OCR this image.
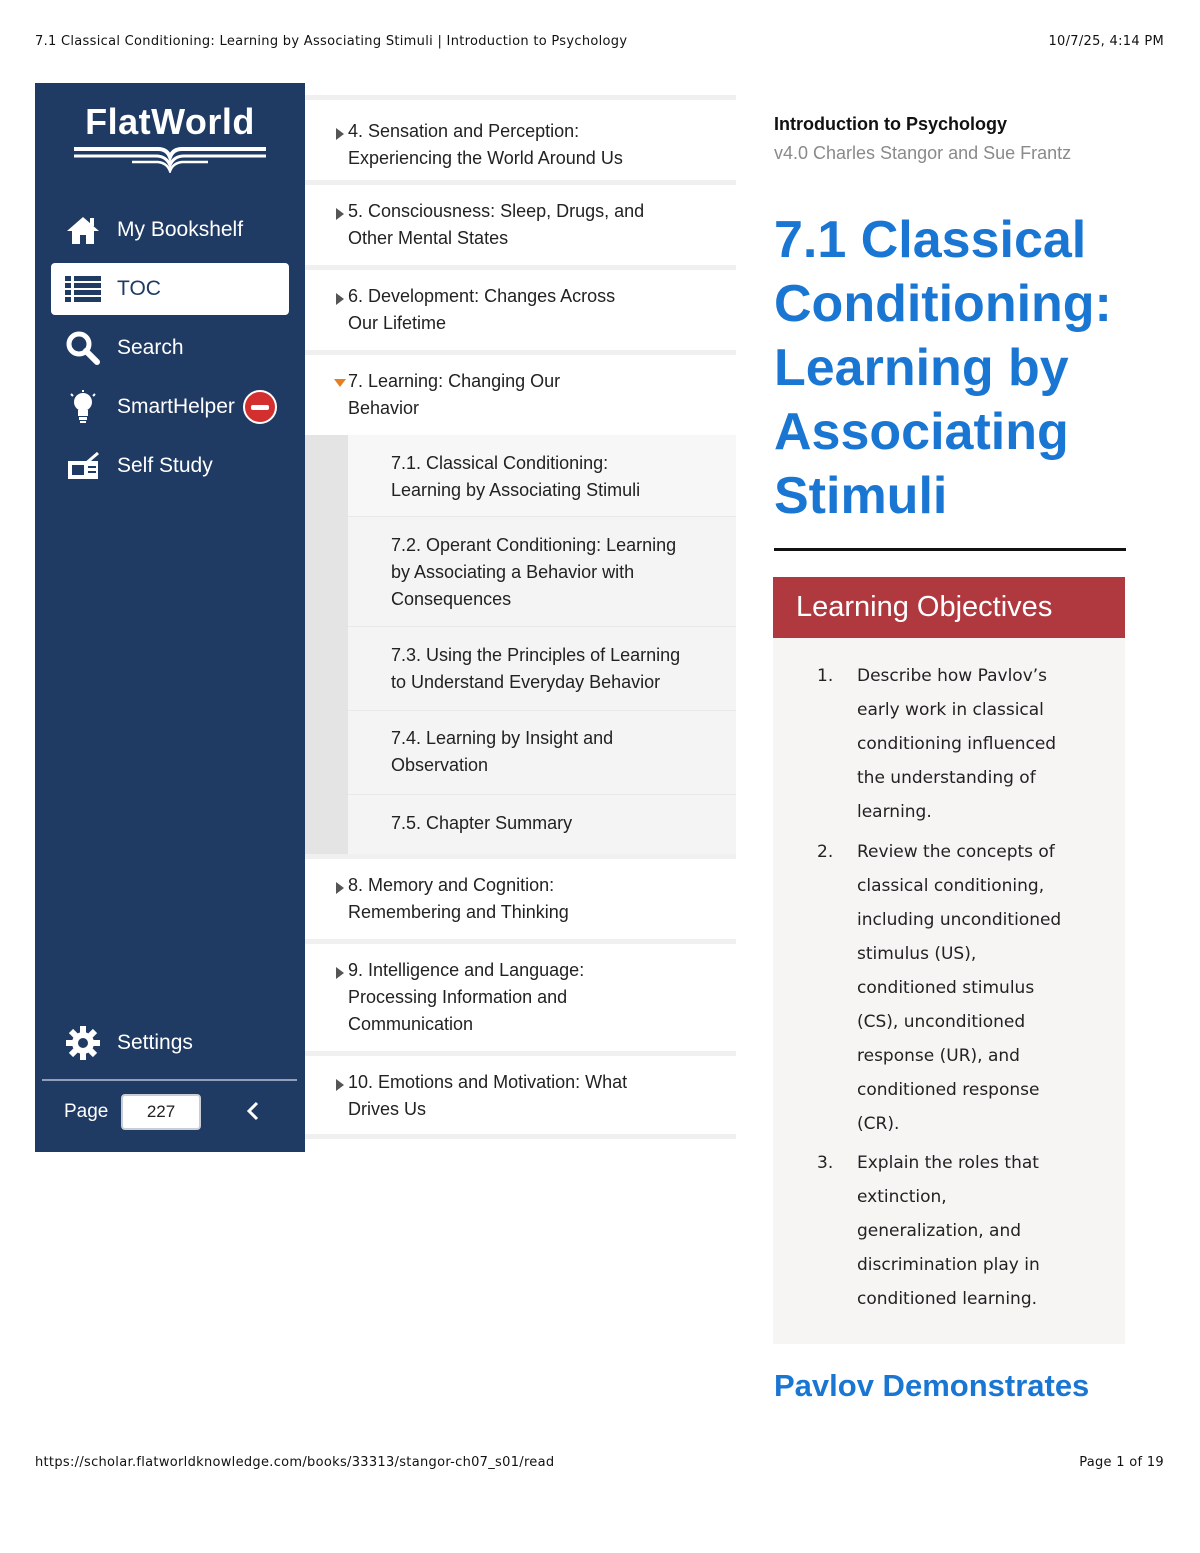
7.1 Classical Conditioning: Learning by Associating Stimuli | Introduction to Psychology	10/7/25, 4:14 PM
FlatWorld
My Bookshelf
TOC
Search
SmartHelper
Self Study
Settings
Page	227
4. Sensation and Perception:
Experiencing the World Around Us
5. Consciousness: Sleep, Drugs, and
Other Mental States
6. Development: Changes Across
Our Lifetime
7. Learning: Changing Our
Behavior
7.1. Classical Conditioning:
Learning by Associating Stimuli
7.2. Operant Conditioning: Learning
by Associating a Behavior with
Consequences
7.3. Using the Principles of Learning
to Understand Everyday Behavior
7.4. Learning by Insight and
Observation
7.5. Chapter Summary
8. Memory and Cognition:
Remembering and Thinking
9. Intelligence and Language:
Processing Information and
Communication
10. Emotions and Motivation: What
Drives Us
Introduction to Psychology
v4.0 Charles Stangor and Sue Frantz
7.1 Classical
Conditioning:
Learning by
Associating
Stimuli
Learning Objectives
1. Describe how Pavlov’s
early work in classical
conditioning influenced
the understanding of
learning.
2. Review the concepts of
classical conditioning,
including unconditioned
stimulus (US),
conditioned stimulus
(CS), unconditioned
response (UR), and
conditioned response
(CR).
3. Explain the roles that
extinction,
generalization, and
discrimination play in
conditioned learning.
Pavlov Demonstrates
https://scholar.flatworldknowledge.com/books/33313/stangor-ch07_s01/read	Page 1 of 19
